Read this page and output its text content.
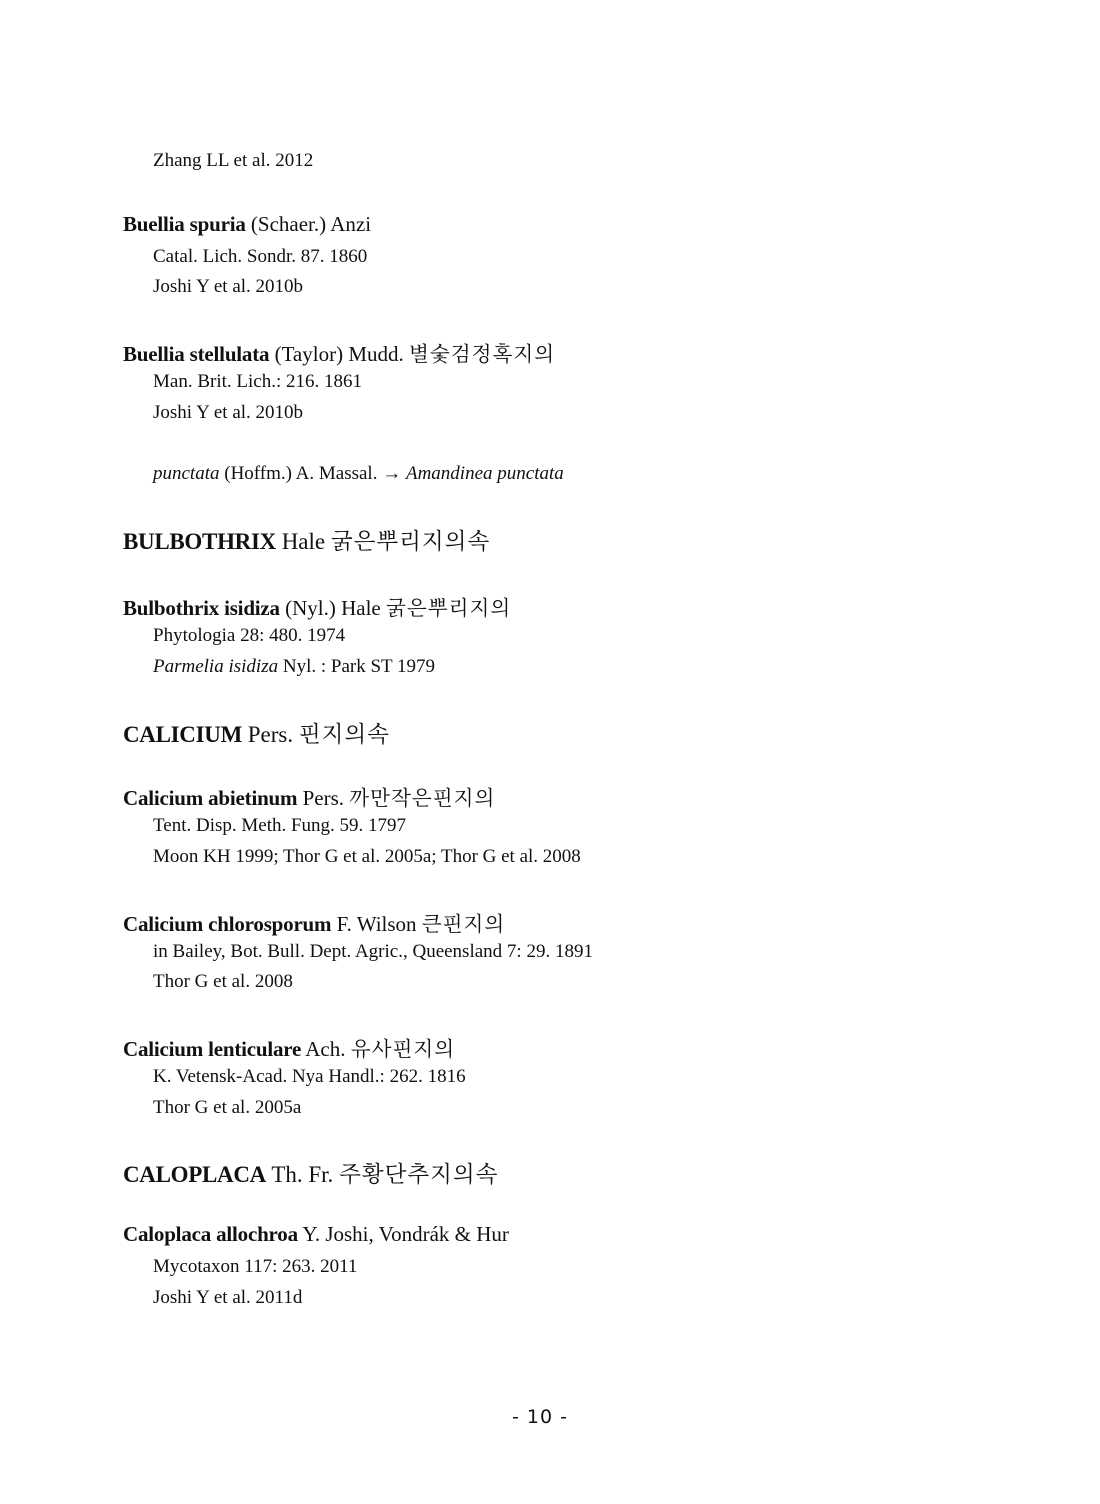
Zhang LL et al. 2012
Buellia spuria (Schaer.) Anzi
Catal. Lich. Sondr. 87. 1860
Joshi Y et al. 2010b
Buellia stellulata (Taylor) Mudd. 별숯검정혹지의
Man. Brit. Lich.: 216. 1861
Joshi Y et al. 2010b
punctata (Hoffm.) A. Massal. → Amandinea punctata
BULBOTHRIX Hale 굵은뿌리지의속
Bulbothrix isidiza (Nyl.) Hale 굵은뿌리지의
Phytologia 28: 480. 1974
Parmelia isidiza Nyl. : Park ST 1979
CALICIUM Pers. 핀지의속
Calicium abietinum Pers. 까만작은핀지의
Tent. Disp. Meth. Fung. 59. 1797
Moon KH 1999; Thor G et al. 2005a; Thor G et al. 2008
Calicium chlorosporum F. Wilson 큰핀지의
in Bailey, Bot. Bull. Dept. Agric., Queensland 7: 29. 1891
Thor G et al. 2008
Calicium lenticulare Ach. 유사핀지의
K. Vetensk-Acad. Nya Handl.: 262. 1816
Thor G et al. 2005a
CALOPLACA Th. Fr. 주황단추지의속
Caloplaca allochroa Y. Joshi, Vondrák & Hur
Mycotaxon 117: 263. 2011
Joshi Y et al. 2011d
- 10 -
